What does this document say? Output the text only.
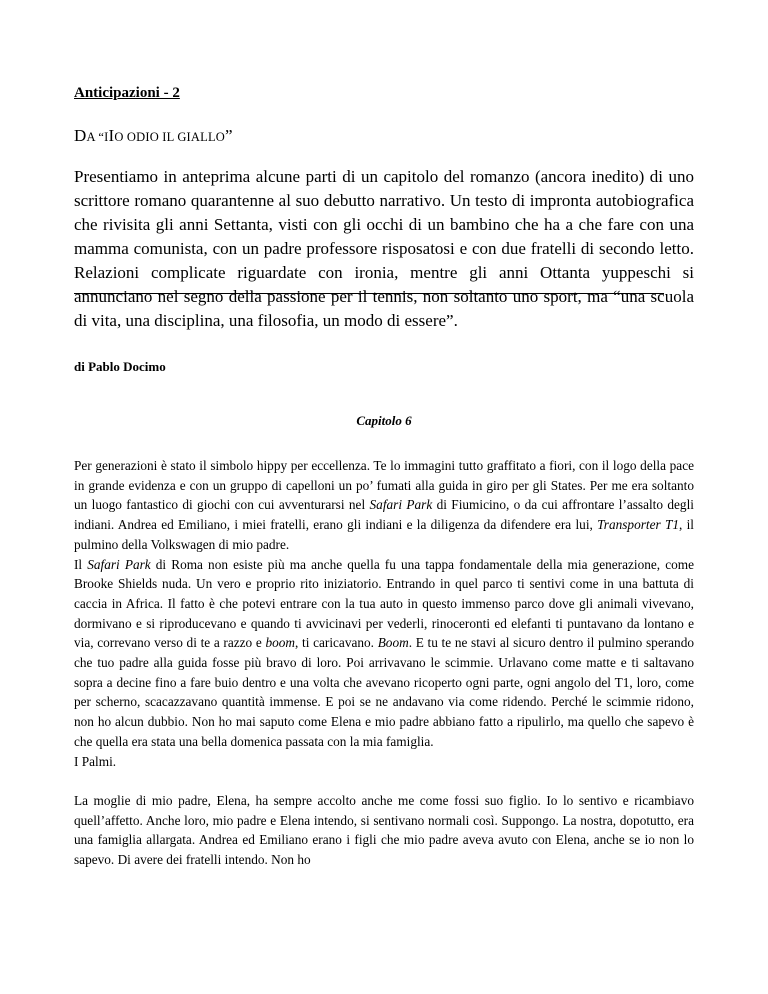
Anticipazioni - 2
DA “IIO ODIO IL GIALLO”

Presentiamo in anteprima alcune parti di un capitolo del romanzo (ancora inedito) di uno scrittore romano quarantenne al suo debutto narrativo. Un testo di impronta autobiografica che rivisita gli anni Settanta, visti con gli occhi di un bambino che ha a che fare con una mamma comunista, con un padre professore risposatosi e con due fratelli di secondo letto. Relazioni complicate riguardate con ironia, mentre gli anni Ottanta yuppeschi si annunciano nel segno della passione per il tennis, non soltanto uno sport, ma “una scuola di vita, una disciplina, una filosofia, un modo di essere”.

di Pablo Docimo
Capitolo 6

Per generazioni è stato il simbolo hippy per eccellenza. Te lo immagini tutto graffitato a fiori, con il logo della pace in grande evidenza e con un gruppo di capelloni un po’ fumati alla guida in giro per gli States. Per me era soltanto un luogo fantastico di giochi con cui avventurarsi nel Safari Park di Fiumicino, o da cui affrontare l’assalto degli indiani. Andrea ed Emiliano, i miei fratelli, erano gli indiani e la diligenza da difendere era lui, Transporter T1, il pulmino della Volkswagen di mio padre.

Il Safari Park di Roma non esiste più ma anche quella fu una tappa fondamentale della mia generazione, come Brooke Shields nuda. Un vero e proprio rito iniziatorio. Entrando in quel parco ti sentivi come in una battuta di caccia in Africa. Il fatto è che potevi entrare con la tua auto in questo immenso parco dove gli animali vivevano, dormivano e si riproducevano e quando ti avvicinavi per vederli, rinoceronti ed elefanti ti puntavano da lontano e via, correvano verso di te a razzo e boom, ti caricavano. Boom. E tu te ne stavi al sicuro dentro il pulmino sperando che tuo padre alla guida fosse più bravo di loro. Poi arrivavano le scimmie. Urlavano come matte e ti saltavano sopra a decine fino a fare buio dentro e una volta che avevano ricoperto ogni parte, ogni angolo del T1, loro, come per scherno, scacazzavano quantità immense. E poi se ne andavano via come ridendo. Perché le scimmie ridono, non ho alcun dubbio. Non ho mai saputo come Elena e mio padre abbiano fatto a ripulirlo, ma quello che sapevo è che quella era stata una bella domenica passata con la mia famiglia.

I Palmi.

La moglie di mio padre, Elena, ha sempre accolto anche me come fossi suo figlio. Io lo sentivo e ricambiavo quell’affetto. Anche loro, mio padre e Elena intendo, si sentivano normali così. Suppongo. La nostra, dopotutto, era una famiglia allargata. Andrea ed Emiliano erano i figli che mio padre aveva avuto con Elena, anche se io non lo sapevo. Di avere dei fratelli intendo. Non ho
